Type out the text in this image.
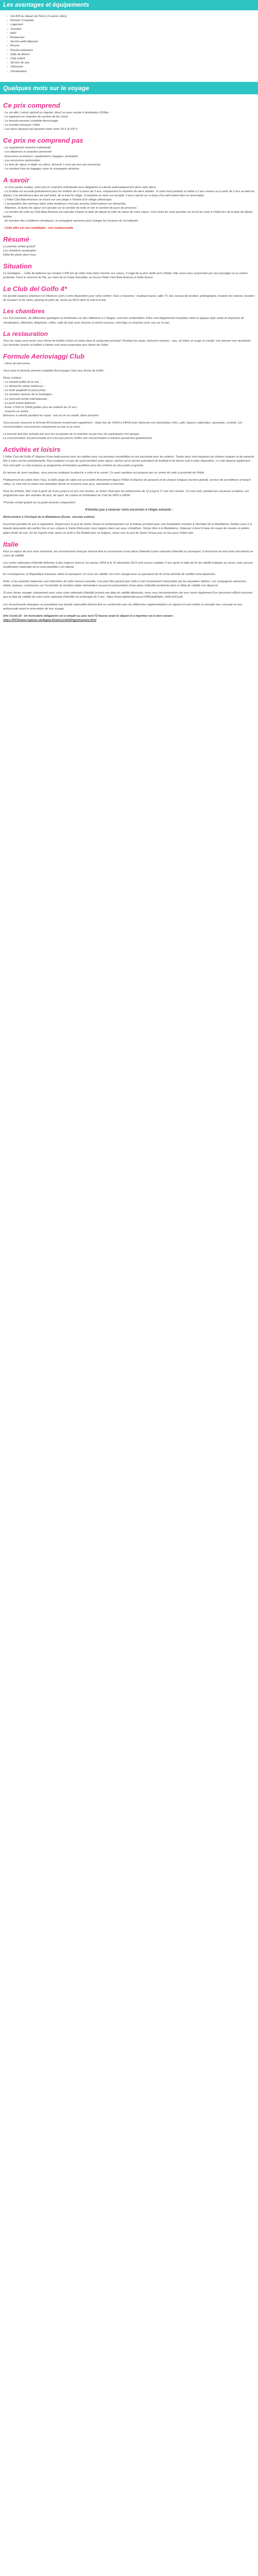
Les avantages et équipements
✓ Voil A/R au départ de Paris (+5 autres villes)
✓ Pension Complète
✓ Logement
✓ Transfert
✓ WIFI
✓ Restaurant
✓ Service petit-déjeuner
✓ Piscine
✓ Piscine extérieure
✓ Salle de fitness
✓ Club enfant
✓ Service de spa
✓ Télévision
✓ Climatisation
Quelques mots sur le voyage
Ce prix comprend

- Le vol aller / retour spécial ou régulier, direct ou avec escale à destination d'Olbia

- Le logement en chambre du nombre de lits choisi

- La formule pension complète Aerovoyage

- Le transfert aéroport / hôtel

- Les taxes aéroport qui peuvent varier entre 30 € et 200 €

Ce prix ne comprend pas

- Le supplément chambre individuelle

- Les dépenses à caractère personnel

- Assurance assistance, rapatriement, bagages, annulation

- Les excursions optionnelles

- La taxe de séjour à régler sur place, (environ 1 euro par jour par personne)

- Le montant frais de bagages selon la compagnie aérienne

A savoir

- Si vous partez seul(e), votre prix en chambre individuelle sera obligatoire et calculé automatiquement dans votre devis.

- Le lit bébé est accordé gratuitement pour les enfants de 0 à moins de 2 ans, uniquement la chambre de deux adultes. Si votre bout (enfant) ou bébé a 2 ans révolus ou à partir de 2 ans au-delà du départ, il ne bénéficiera plus de tarif bébé, de la tranche d'âge. Si toutefois le choix est accepté, il sera calculé sur la base d'un tarif enfant dans la réservation.

- L'hôtel Club Baia Aranzos se trouve sur une plage à l'entrée d'un village pittoresque.

- L'acceptation des animaux dans cette résidence n'est pas assurée (informations sur demande).

- Attention, la durée du séjour est calculée sur le nombre de nuits et non le nombre de jours de présence.

- Le nombre de nuits au Club Baia Aranzos est calculée d'après la date de départ et celle du retour de votre séjour. Ceci inclut les nuits passées en vol et les nuits à l'hôtel lors de la date de départ tardive.

- En fonction des conditions climatiques, la compagnie aérienne peut changer les horaires de vol indiqués.

- Cette offre est non modifiable - non remboursable

Résumé

Le premier enfant gratuit*

Les chambres quadruples

Hôtel les pieds dans l'eau

Situation

La Sardaigne… Cette île italienne qui compte 2 000 km de côtes mais faire chavirer vos cœurs. Il s'agit de la plus vieille terre d'Italie. Elle saura vous surprendre par ses paysages et sa culture profonde. Dans le nord-est de l'île, au cœur de la Costa Smeralda, se trouve l'hôtel Club Baia Aranzos à Golfo Aranci.

Le Club del Golfo 4*

De grande espaces extérieurs et intérieurs sont à votre disposition pour votre confort. Vous y trouverez : boutique bazar, salle TV, bar, bureau de location, photographe, location de voitures, location de scooters et de vélos, parking en plein air, accès au Wi-Fi dans le hall et le bar.

Les chambres

Les 114 chambres, de différentes typologies et distribuées sur des bâtiments à 2 étages, sont très confortables. Elles sont élégamment meublées dans le typique style sarde et disposent de climatisation, télévision, téléphone, coffre, salle de bain avec douche et sèche-cheveux, mini-frigo et certaines avec vue sur la mer.

La restauration

Tous les repas sont servis sous forme de buffets riches et variés dans le restaurant principal. Pendant les repas, boissons incluses : eau, vin blanc et rouge en carafe, une boisson non alcoolisée. Les formules snacks et buffets à thème sont aussi proposées aux clients de l'hôtel.

Formule Aerioviaggi Club

- Verre de bienvenue

Vous avez la formule pension complète Aerovoyage Club sous forme de buffet :

Dîner à thème :

- Le samedi buffet de la mer ;

- Le dimanche soirée barbecue ;

- Le lundi spaghetti et pizza party ;

- La semaine saveurs de la Sardaigne ;

- Le mercredi soirée internationale ;

- Le jeudi soirée italienne ;

- Entre 17h00 et 19h00 goûter pour les enfants de 12 ans ;

- Surprise en soirée

Boissons à volonté pendant les repas : eau et vin en carafe, bière pression

Vous pouvez souscrire la formule All Inclusive moyennant supplément : Open bar de 10h00 à 24h00 avec boissons non alcoolisées, thés, café, liqueurs nationales, spumante, cocktail. Les consommations sont prévues uniquement au bar et au verre.

La formule doit être achetée par tous les occupants de la chambre ou par tous les participants d'un groupe.

La consommation est personnelle et il n'est pas permis d'offrir une consommation à d'autres personnes gratuitement.

Activités et loisirs

L'Hôtel Club del Golfo 4* dispose d'une belle piscine pour les adultes pour vos journées ensoleillées et une piscinette pour les enfants. Toutes deux sont équipées de chaises longues et de parasols (lits à votre service gratuitement). Pour pratiquer un peu de sport pendant votre séjour, sachez qu'un terrain polyvalent de football et de tennis sont à votre disposition. Le club dispose également d'un mini golf. Le club propose un programme d'animation quotidien pour des enfants les plus petits et grands.

En termes de sport nautique, vous pourrez pratiquer la planche à voile et le canoë. Ce sport nautique est proposé par un centre de voile à proximité de l'hôtel.

Pratiquement les pieds dans l'eau, la belle plage de sable est accessible directement depuis l'hôtel et dispose de parasols et de chaises longues (service gratuit), service de surveillance et beach volley. Le club met en place une animation diurne et nocturne avec jeux, spectacles et tournois.

Pour les enfants, Mini Club à partir de 4 ans jusqu'à 12 ans non révolus, et Junior Club pour les adolescents de 12 jusqu'à 17 ans non révolus. Ce mini club, pendant les vacances scolaires, est programmé avec des activités de jeux, de sport, de cuisine et d'animation du Club de 9h00 à 18h00.

*Premier enfant gratuit sur la partie terrestre uniquement

N'hésitez pas à réserver votre excursion à l'étape suivante :

Minicroisière à l'Archipel de la Maddalena (Durée: Journée entière)

Excursion possible du juin à septembre. Départ pour le port de Santa Teresa et embarquement sur le bateau privatisé pour une inoubliable croisière à l'Archipel de la Maddalena. Dédiez-vous à la beauté épouvante des petites îles et ses criques à Santa Maria pour vous baigner dans ses eaux cristallines. Temps libre à la Maddalena. Déjeuner à bord à base de soupe de moules et petites pâtes (fruits de mer. En fin d'après-midi, après un arrêt à l'Ile Budelli pour se baigner, retour vers le port de Santa Teresa puis en bus pour l'hôtel club.

Italie

Pour un séjour de trois mois maximum, les ressortissants français doivent être en possession d'une pièce d'identité (carte nationale d'identité ou passeport, à l'exclusion de tout autre document) en cours de validité.

Les cartes nationales d'identité délivrées à des majeurs entre le 1er janvier 2004 et le 31 décembre 2013 sont encore valables 5 ans après la date de fin de validité indiquée au verso, mais aucune modification matérielle de la carte plastifiée n'en atteste.

En conséquence, la République française utilise le passeport, en cours de validité, lors d'un voyage avec un passeport de fin d'une période de validité extra-dépassée.

Enfin, si les autorités italiennes sont informées de cette mesure nouvelle, il ne peut être garanti que celle-ci soit correctement interprétée par les douaniers italiens. Les compagnies aériennes, hôtels, bateaux, commerces sur l'ensemble du territoire italien demandent souvent la présentation d'une pièce d'identité pertinente dans le délai de validité non dépassé.

Si vous devez voyager uniquement avec votre carte nationale d'identité portant une date de validité dépassée, nous vous recommandons de vous munir également d'un document officiel prouvant que la date de validité de votre carte nationale d'identité est prolongée de 5 ans : https://www.diplomatie.gouv.fr/IMG/pdf/italie_cle8c1b53.pdf

Les ressortissants étrangers ou possédant une double nationalité doivent être en conformité avec les différentes réglementations en vigueur et sont invités à consulter leur consulat ou leur ambassade avant la réservation de leur voyage.

Info Covid-19 : Un formulaire obligatoire est à remplir au plus tard 72 heures avant le départ et à imprimer via le lien suivant :

https://XXX/www.regione.sardegna.it/san/covid19/registrazione.html
